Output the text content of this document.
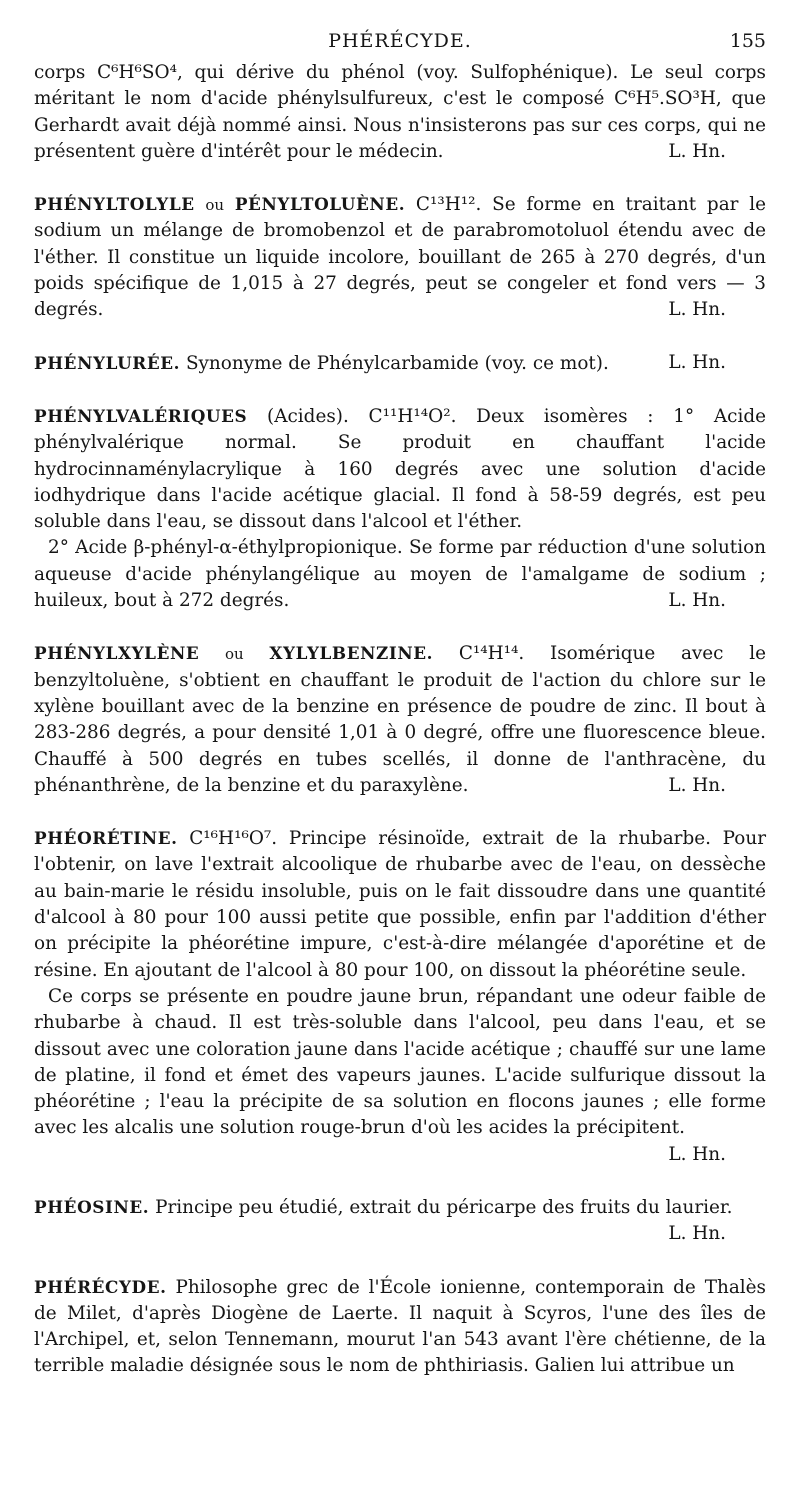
PHÉRÉCYDE.	155

corps C⁶H⁶SO⁴, qui dérive du phénol (voy. Sulfophénique). Le seul corps méritant le nom d'acide phénylsulfureux, c'est le composé C⁶H⁵.SO³H, que Gerhardt avait déjà nommé ainsi. Nous n'insisterons pas sur ces corps, qui ne présentent guère d'intérêt pour le médecin.	L. Hn.

PHÉNYLTOLYLE ou PÉNYLTOLUÈNE. C¹³H¹². Se forme en traitant par le sodium un mélange de bromobenzol et de parabromotoluol étendu avec de l'éther. Il constitue un liquide incolore, bouillant de 265 à 270 degrés, d'un poids spécifique de 1,015 à 27 degrés, peut se congeler et fond vers — 3 degrés.	L. Hn.

PHÉNYLURÉE. Synonyme de Phénylcarbamide (voy. ce mot).	L. Hn.

PHÉNYLVALÉRIQUES (Acides). C¹¹H¹⁴O². Deux isomères : 1° Acide phénylvalérique normal. Se produit en chauffant l'acide hydrocinnaménylacrylique à 160 degrés avec une solution d'acide iodhydrique dans l'acide acétique glacial. Il fond à 58-59 degrés, est peu soluble dans l'eau, se dissout dans l'alcool et l'éther.

2° Acide β-phényl-α-éthylpropionique. Se forme par réduction d'une solution aqueuse d'acide phénylangélique au moyen de l'amalgame de sodium ; huileux, bout à 272 degrés.	L. Hn.

PHÉNYLXYLÈNE ou XYLYLBENZINE. C¹⁴H¹⁴. Isomérique avec le benzyltoluène, s'obtient en chauffant le produit de l'action du chlore sur le xylène bouillant avec de la benzine en présence de poudre de zinc. Il bout à 283-286 degrés, a pour densité 1,01 à 0 degré, offre une fluorescence bleue. Chauffé à 500 degrés en tubes scellés, il donne de l'anthracène, du phénanthrène, de la benzine et du paraxylène.	L. Hn.

PHÉORÉTINE. C¹⁶H¹⁶O⁷. Principe résinoïde, extrait de la rhubarbe. Pour l'obtenir, on lave l'extrait alcoolique de rhubarbe avec de l'eau, on dessèche au bain-marie le résidu insoluble, puis on le fait dissoudre dans une quantité d'alcool à 80 pour 100 aussi petite que possible, enfin par l'addition d'éther on précipite la phéorétine impure, c'est-à-dire mélangée d'aporétine et de résine. En ajoutant de l'alcool à 80 pour 100, on dissout la phéorétine seule.

Ce corps se présente en poudre jaune brun, répandant une odeur faible de rhubarbe à chaud. Il est très-soluble dans l'alcool, peu dans l'eau, et se dissout avec une coloration jaune dans l'acide acétique ; chauffé sur une lame de platine, il fond et émet des vapeurs jaunes. L'acide sulfurique dissout la phéorétine ; l'eau la précipite de sa solution en flocons jaunes ; elle forme avec les alcalis une solution rouge-brun d'où les acides la précipitent.
L. Hn.

PHÉOSINE. Principe peu étudié, extrait du péricarpe des fruits du laurier.
L. Hn.

PHÉRÉCYDE. Philosophe grec de l'École ionienne, contemporain de Thalès de Milet, d'après Diogène de Laerte. Il naquit à Scyros, l'une des îles de l'Archipel, et, selon Tennemann, mourut l'an 543 avant l'ère chétienne, de la terrible maladie désignée sous le nom de phthiriasis. Galien lui attribue un
